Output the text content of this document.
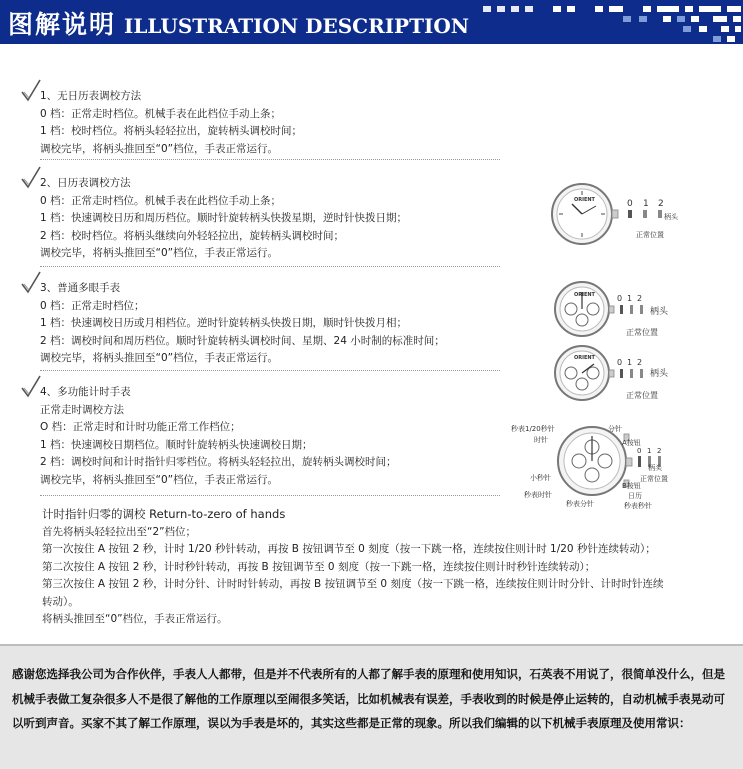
图解说明 ILLUSTRATION DESCRIPTION
1、无日历表调校方法
0 档：正常走时档位。机械手表在此档位手动上条；
1 档：校时档位。将柄头轻轻拉出，旋转柄头调校时间；
调校完毕，将柄头推回至“0”档位，手表正常运行。
2、日历表调校方法
0 档：正常走时档位。机械手表在此档位手动上条；
1 档：快速调校日历和周历档位。顺时针旋转柄头快拨星期，逆时针快拨日期；
2 档：校时档位。将柄头继续向外轻轻拉出，旋转柄头调校时间；
调校完毕，将柄头推回至“0”档位，手表正常运行。
3、普通多眼手表
0 档：正常走时档位；
1 档：快速调校日历或月相档位。逆时针旋转柄头快拨日期，顺时针快拨月相；
2 档：调校时间和周历档位。顺时针旋转柄头调校时间、星期、24 小时制的标准时间；
调校完毕，将柄头推回至“0”档位，手表正常运行。
4、多功能计时手表
正常走时调校方法
O 档：正常走时和计时功能正常工作档位；
1 档：快速调校日期档位。顺时针旋转柄头快速调校日期；
2 档：调校时间和计时指针归零档位。将柄头轻轻拉出，旋转柄头调校时间；
调校完毕，将柄头推回至“0”档位，手表正常运行。
ORIENT	0 1 2
柄头
正常位置
ORIENT	0 1 2
柄头
正常位置
ORIENT	0 1 2
柄头
正常位置
秒表1/20秒针
时针
分针
A按钮
0 1 2
柄头
正常位置
小秒针
B按钮
日历
秒表秒针
秒表时针
秒表分针
计时指针归零的调校 Return-to-zero of hands
首先将柄头轻轻拉出至“2”档位；
第一次按住 A 按钮 2 秒，计时 1/20 秒针转动，再按 B 按钮调节至 0 刻度（按一下跳一格，连续按住则计时 1/20 秒针连续转动）；
第二次按住 A 按钮 2 秒，计时秒针转动，再按 B 按钮调节至 0 刻度（按一下跳一格，连续按住则计时秒针连续转动）；
第三次按住 A 按钮 2 秒，计时分针、计时时针转动，再按 B 按钮调节至 0 刻度（按一下跳一格，连续按住则计时分针、计时时针连续
转动）。
将柄头推回至“0”档位，手表正常运行。
感谢您选择我公司为合作伙伴，手表人人都带，但是并不代表所有的人都了解手表的原理和使用知识，石英表不用说了，很简单没什么，但是机械手表做工复杂很多人不是很了解他的工作原理以至闹很多笑话，比如机械表有误差，手表收到的时候是停止运转的，自动机械手表晃动可以听到声音。买家不其了解工作原理，误以为手表是坏的，其实这些都是正常的现象。所以我们编辑的以下机械手表原理及使用常识：
